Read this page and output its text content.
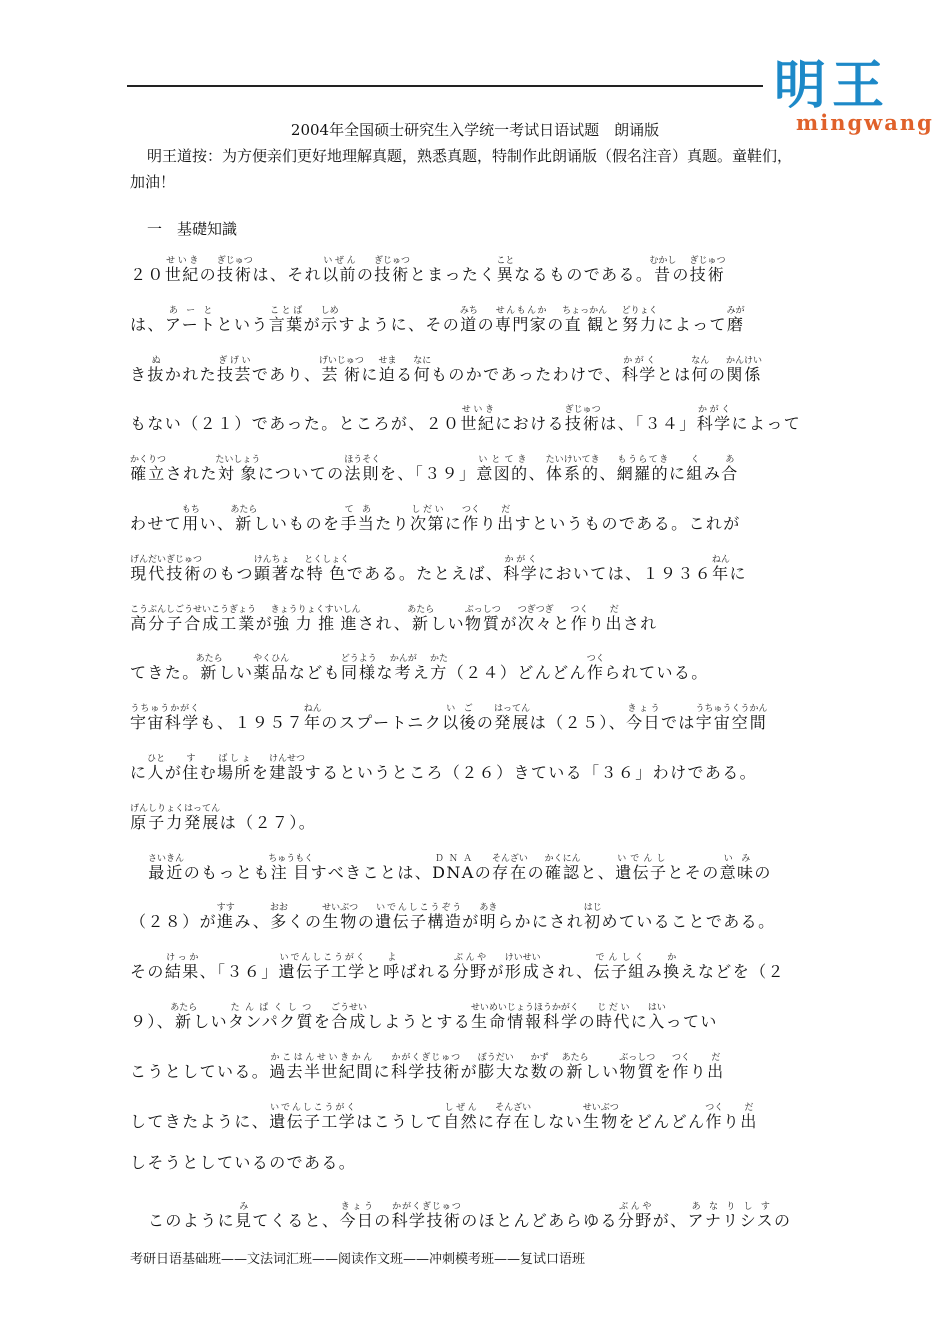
明王
mingwang
2004年全国硕士研究生入学统一考试日语试题　朗诵版
明王道按：为方便亲们更好地理解真题，熟悉真题，特制作此朗诵版（假名注音）真题。童鞋们，加油！
一　基礎知識
２０世紀せいきの技術ぎじゅつは、それ以前いぜんの技術ぎじゅつとまったく異ことなるものである。昔むかしの技術ぎじゅつ
は、アートあーとという言葉ことばが示しめすように、その道みちの専門家せんもんかの直観ちょっかんと努力どりょくによって磨みが
き抜ぬかれた技芸ぎげいであり、芸術げいじゅつに迫せまる何なにものかであったわけで、科学かがくとは何なんの関係かんけい
もない（２１）であった。ところが、２０世紀せいきにおける技術ぎじゅつは、「３４」科学かがくによって
確立かくりつされた対象たいしょうについての法則ほうそくを、「３９」意図的いとてき、体系的たいけいてき、網羅的もうらてきに組くみ合あ
わせて用もちい、新あたらしいものを手当てあたり次第しだいに作つくり出だすというものである。これが
現代げんだい技術ぎじゅつのもつ顕著けんちょな特色とくしょくである。たとえば、科学かがくにおいては、１９３６年ねんに
高分子合成工業こうぶんしごうせいこうぎょうが強力推進きょうりょくすいしんされ、新あたらしい物質ぶっしつが次々つぎつぎと作つくり出だされ
てきた。新あたらしい薬品やくひんなども同様どうような考かんがえ方かた（２４）どんどん作つくられている。
宇宙科学うちゅうかがくも、１９５７年ねんのスプートニク以後いごの発展はってんは（２５）、今日きょうでは宇宙空間うちゅうくうかん
に人ひとが住すむ場所ばしょを建設けんせつするというところ（２６）きている「３６」わけである。
原子力発展げんしりょくはってんは（２７）。
最近さいきんのもっとも注目ちゅうもくすべきことは、DNAＤＮＡの存在そんざいの確認かくにんと、遺伝子いでんしとその意味いみの
（２８）が進すすみ、多おおくの生物せいぶつの遺伝子構造いでんしこうぞうが明あきらかにされ初はじめていることである。
その結果けっか、「３６」遺伝子工学いでんしこうがくと呼よばれる分野ぶんやが形成けいせいされ、伝子組でんしくみ換かえなどを（２
９）、新あたらしいタンパク質たんぱくしつを合成ごうせいしようとする生命情報科学せいめいじょうほうかがくの時代じだいに入はいってい
こうとしている。過去半世紀間かこはんせいきかんに科学技術かがくぎじゅつが膨大ぼうだいな数かずの新あたらしい物質ぶっしつを作つくり出だ
してきたように、遺伝子工学いでんしこうがくはこうして自然しぜんに存在そんざいしない生物せいぶつをどんどん作つくり出だ
しそうとしているのである。
このように見みてくると、今日きょうの科学技術かがくぎじゅつのほとんどあらゆる分野ぶんやが、アナリシスあなりしすの
考研日语基础班——文法词汇班——阅读作文班——冲刺模考班——复试口语班
